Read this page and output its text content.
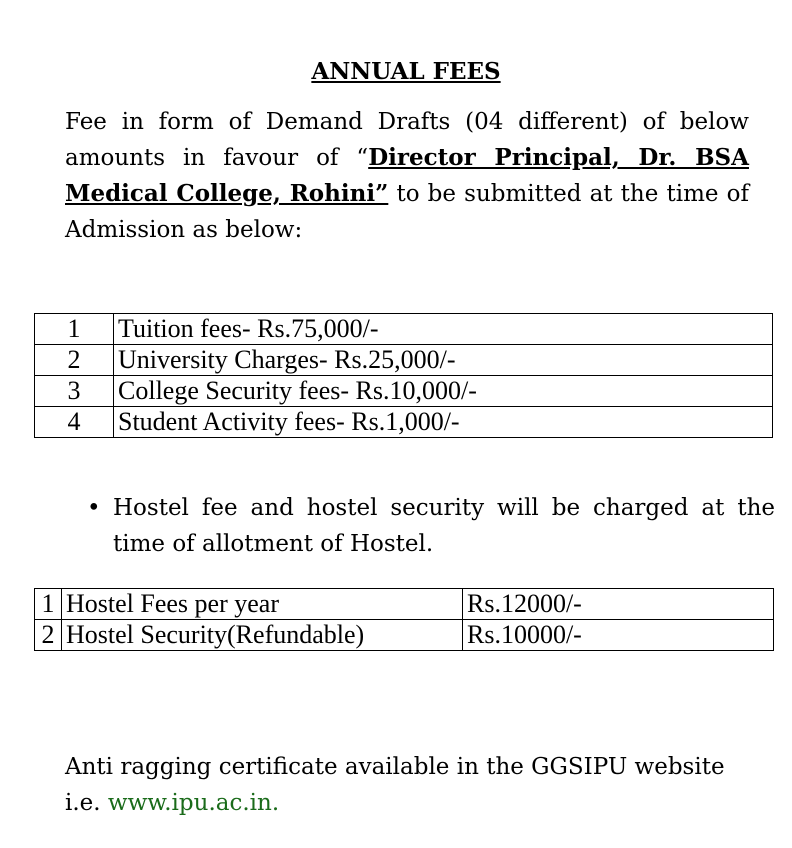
ANNUAL FEES

Fee in form of Demand Drafts (04 different) of below amounts in favour of “Director Principal, Dr. BSA Medical College, Rohini” to be submitted at the time of Admission as below:

1	Tuition fees- Rs.75,000/-
2	University Charges- Rs.25,000/-
3	College Security fees- Rs.10,000/-
4	Student Activity fees- Rs.1,000/-

• Hostel fee and hostel security will be charged at the time of allotment of Hostel.

1	Hostel Fees per year	Rs.12000/-
2	Hostel Security(Refundable)	Rs.10000/-

Anti ragging certificate available in the GGSIPU website i.e. www.ipu.ac.in.
